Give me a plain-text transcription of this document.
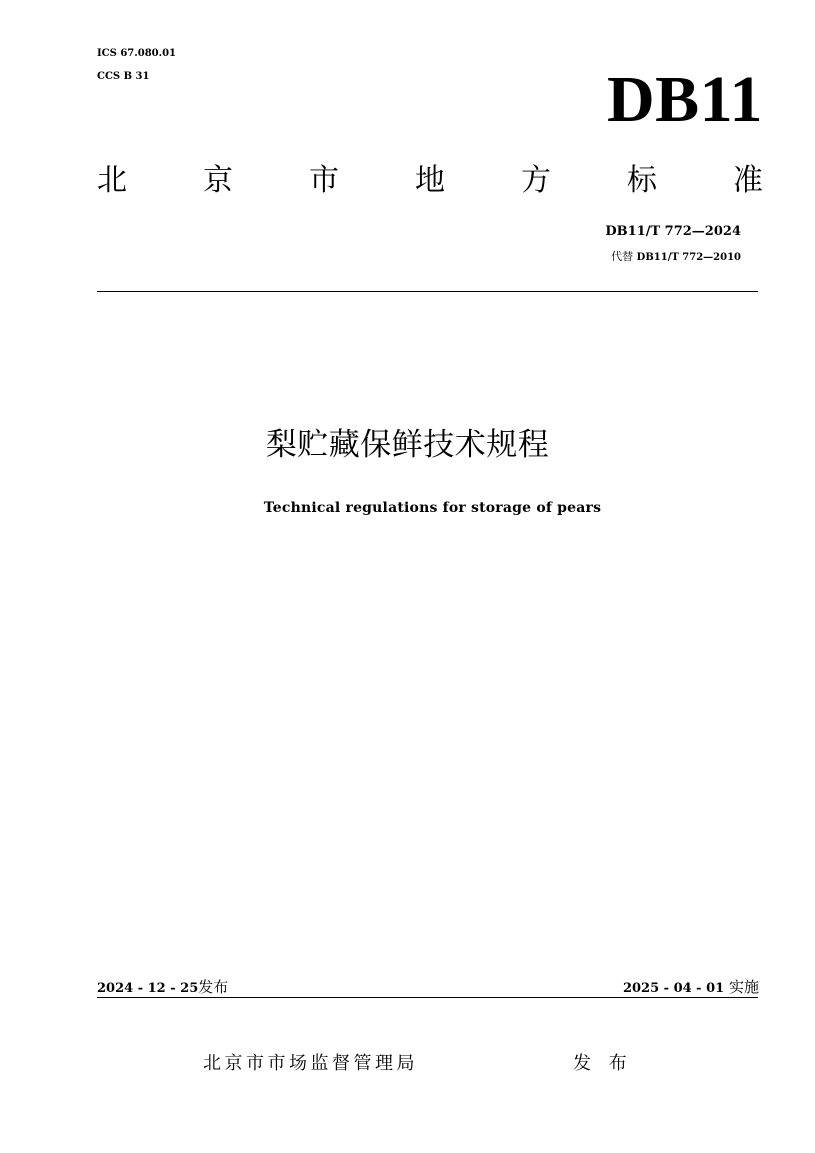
ICS 67.080.01
CCS B 31	DB11
北	京	市	地	方	标	准
DB11/T 772—2024
代替 DB11/T 772—2010
梨贮藏保鲜技术规程
Technical regulations for storage of pears
2024 - 12 - 25发布	2025 - 04 - 01 实施
北京市市场监督管理局	发 布
